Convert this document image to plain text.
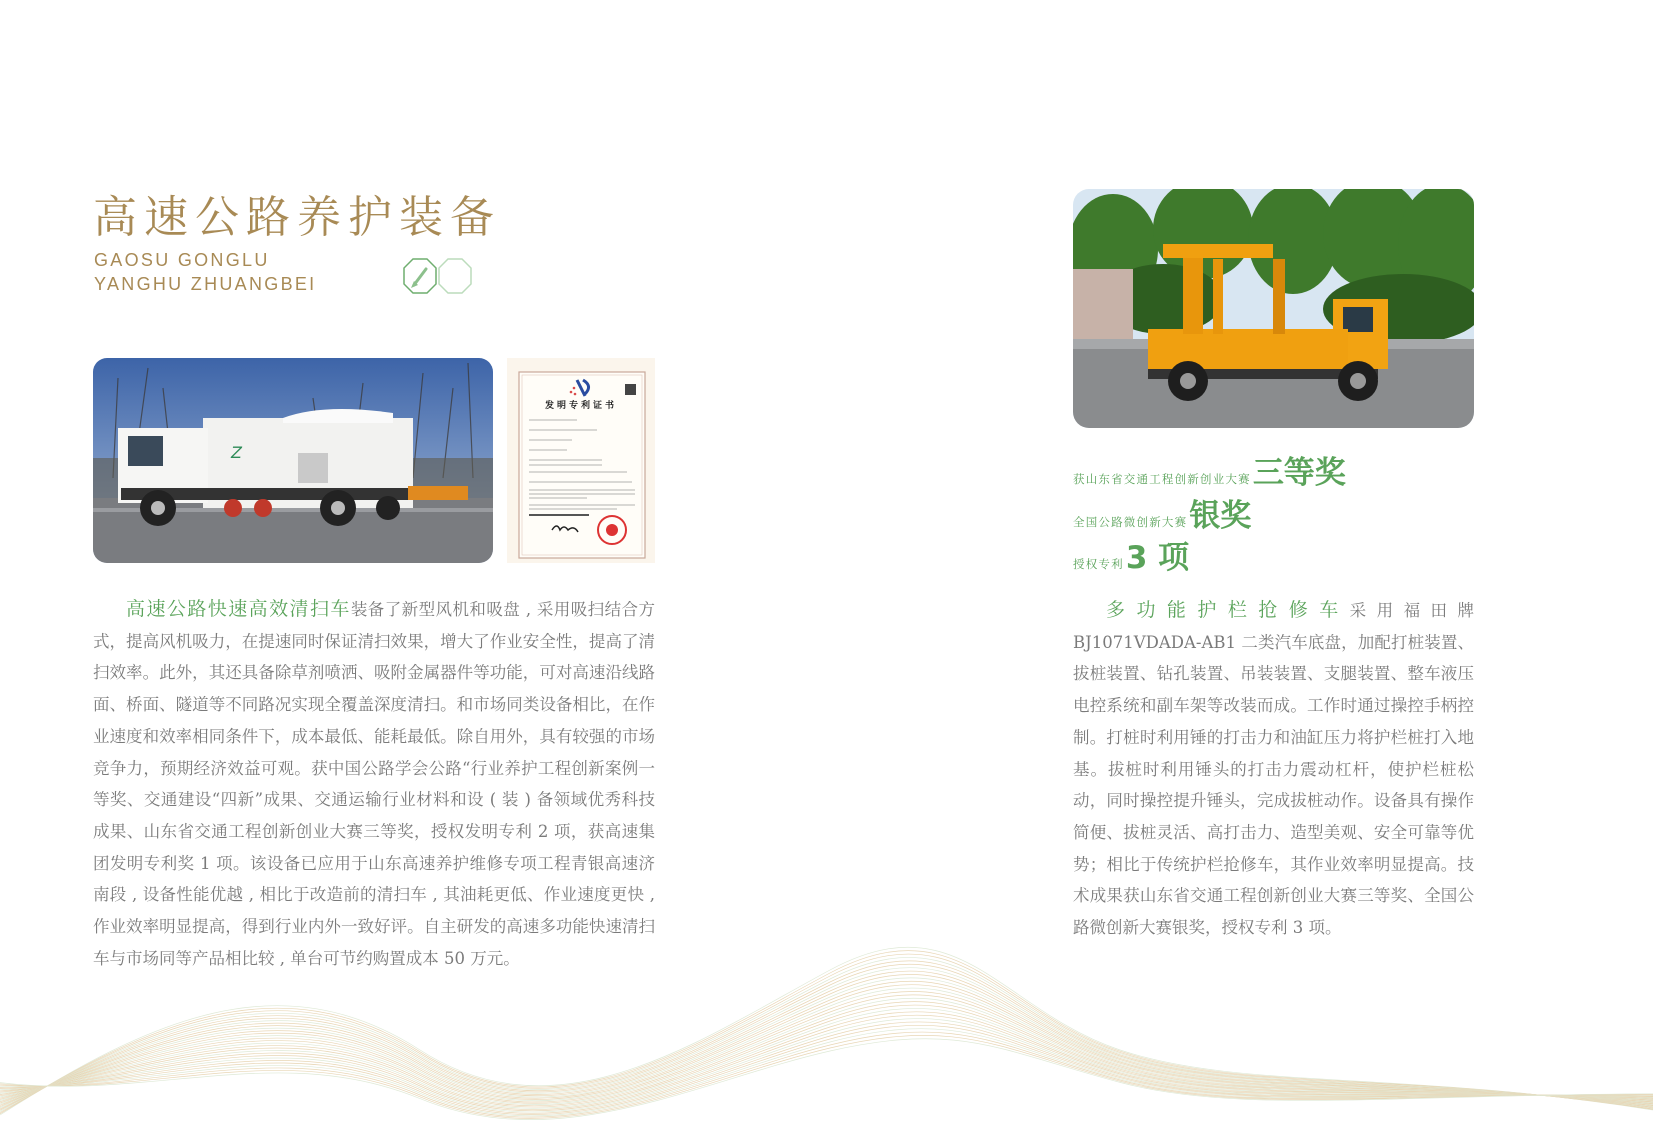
高速公路养护装备
GAOSU GONGLU
YANGHU ZHUANGBEI
Z
发明专利证书

高速公路快速高效清扫车装备了新型风机和吸盘 , 采用吸扫结合方式，提高风机吸力，在提速同时保证清扫效果，增大了作业安全性，提高了清扫效率。此外，其还具备除草剂喷洒、吸附金属器件等功能，可对高速沿线路面、桥面、隧道等不同路况实现全覆盖深度清扫。和市场同类设备相比，在作业速度和效率相同条件下，成本最低、能耗最低。除自用外，具有较强的市场竞争力，预期经济效益可观。获中国公路学会公路“行业养护工程创新案例一等奖、交通建设“四新”成果、交通运输行业材料和设 ( 装 ) 备领域优秀科技成果、山东省交通工程创新创业大赛三等奖，授权发明专利 2 项，获高速集团发明专利奖 1 项。该设备已应用于山东高速养护维修专项工程青银高速济南段 , 设备性能优越 , 相比于改造前的清扫车 , 其油耗更低、作业速度更快 , 作业效率明显提高，得到行业内外一致好评。自主研发的高速多功能快速清扫车与市场同等产品相比较 , 单台可节约购置成本 50 万元。

获山东省交通工程创新创业大赛 三等奖
全国公路微创新大赛 银奖
授权专利 3 项

多功能护栏抢修车采用福田牌 BJ1071VDADA-AB1 二类汽车底盘，加配打桩装置、拔桩装置、钻孔装置、吊装装置、支腿装置、整车液压电控系统和副车架等改装而成。工作时通过操控手柄控制。打桩时利用锤的打击力和油缸压力将护栏桩打入地基。拔桩时利用锤头的打击力震动杠杆，使护栏桩松动，同时操控提升锤头，完成拔桩动作。设备具有操作简便、拔桩灵活、高打击力、造型美观、安全可靠等优势；相比于传统护栏抢修车，其作业效率明显提高。技术成果获山东省交通工程创新创业大赛三等奖、全国公路微创新大赛银奖，授权专利 3 项。
